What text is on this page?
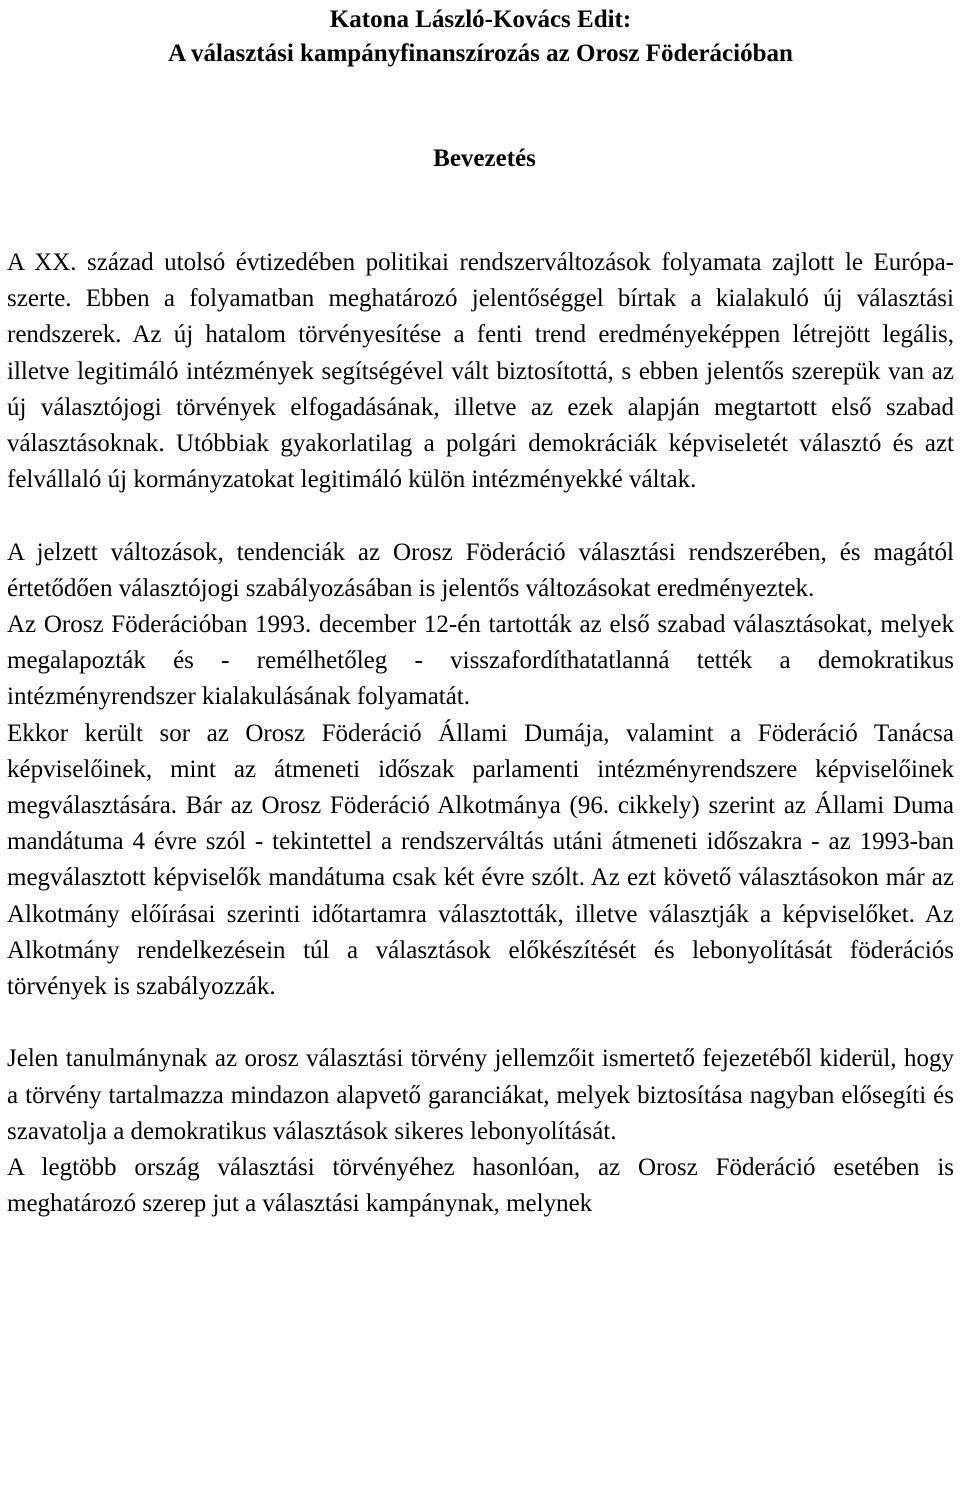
Katona László-Kovács Edit:
A választási kampányfinanszírozás az Orosz Föderációban
Bevezetés

A XX. század utolsó évtizedében politikai rendszerváltozások folyamata zajlott le Európa-szerte. Ebben a folyamatban meghatározó jelentőséggel bírtak a kialakuló új választási rendszerek. Az új hatalom törvényesítése a fenti trend eredményeképpen létrejött legális, illetve legitimáló intézmények segítségével vált biztosítottá, s ebben jelentős szerepük van az új választójogi törvények elfogadásának, illetve az ezek alapján megtartott első szabad választásoknak. Utóbbiak gyakorlatilag a polgári demokráciák képviseletét választó és azt felvállaló új kormányzatokat legitimáló külön intézményekké váltak.

A jelzett változások, tendenciák az Orosz Föderáció választási rendszerében, és magától értetődően választójogi szabályozásában is jelentős változásokat eredményeztek.

Az Orosz Föderációban 1993. december 12-én tartották az első szabad választásokat, melyek megalapozták és - remélhetőleg - visszafordíthatatlanná tették a demokratikus intézményrendszer kialakulásának folyamatát.

Ekkor került sor az Orosz Föderáció Állami Dumája, valamint a Föderáció Tanácsa képviselőinek, mint az átmeneti időszak parlamenti intézményrendszere képviselőinek megválasztására. Bár az Orosz Föderáció Alkotmánya (96. cikkely) szerint az Állami Duma mandátuma 4 évre szól - tekintettel a rendszerváltás utáni átmeneti időszakra - az 1993-ban megválasztott képviselők mandátuma csak két évre szólt. Az ezt követő választásokon már az Alkotmány előírásai szerinti időtartamra választották, illetve választják a képviselőket. Az Alkotmány rendelkezésein túl a választások előkészítését és lebonyolítását föderációs törvények is szabályozzák.

Jelen tanulmánynak az orosz választási törvény jellemzőit ismertető fejezetéből kiderül, hogy a törvény tartalmazza mindazon alapvető garanciákat, melyek biztosítása nagyban elősegíti és szavatolja a demokratikus választások sikeres lebonyolítását.

A legtöbb ország választási törvényéhez hasonlóan, az Orosz Föderáció esetében is meghatározó szerep jut a választási kampánynak, melynek
